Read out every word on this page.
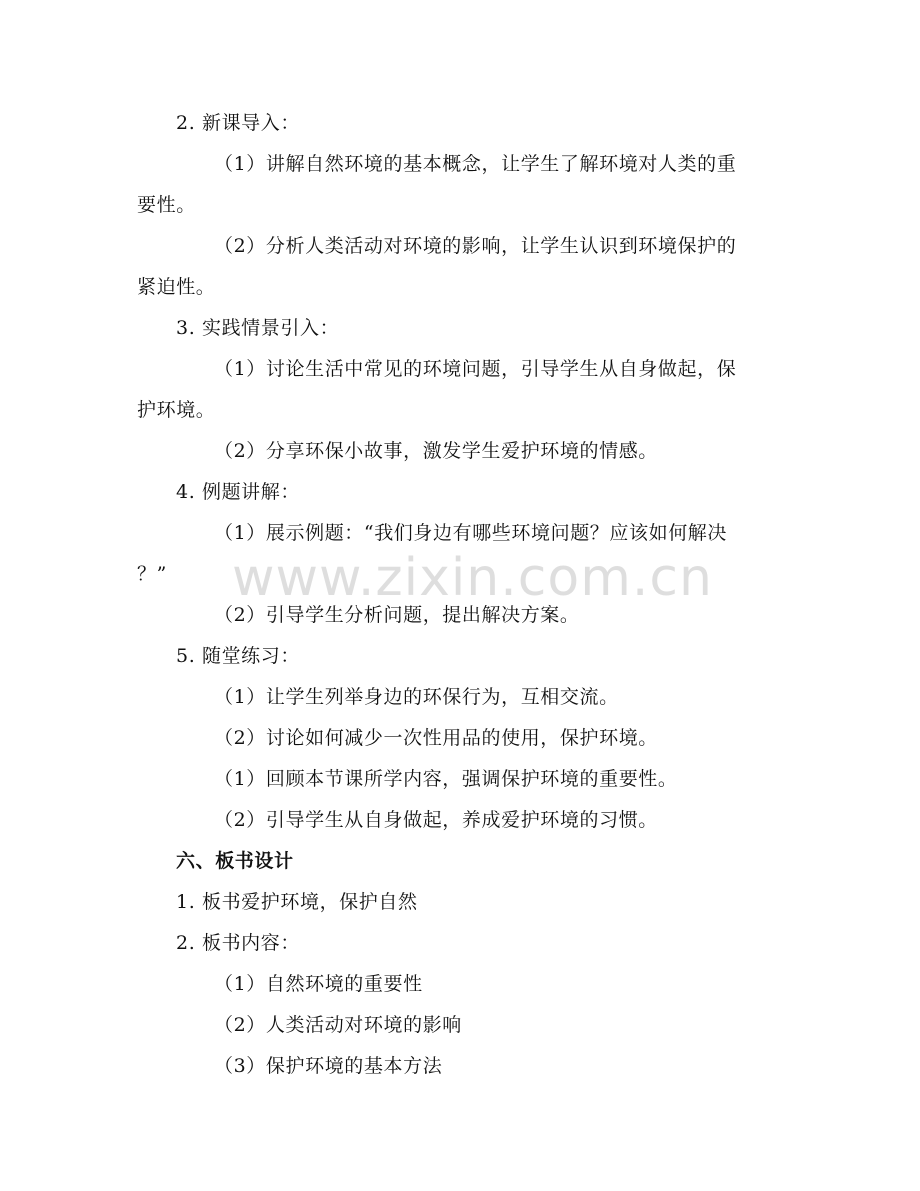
2. 新课导入：
（1）讲解自然环境的基本概念，让学生了解环境对人类的重
要性。
（2）分析人类活动对环境的影响，让学生认识到环境保护的
紧迫性。
3. 实践情景引入：
（1）讨论生活中常见的环境问题，引导学生从自身做起，保
护环境。
（2）分享环保小故事，激发学生爱护环境的情感。
4. 例题讲解：
（1）展示例题：“我们身边有哪些环境问题？应该如何解决
？”
（2）引导学生分析问题，提出解决方案。
5. 随堂练习：
（1）让学生列举身边的环保行为，互相交流。
（2）讨论如何减少一次性用品的使用，保护环境。
（1）回顾本节课所学内容，强调保护环境的重要性。
（2）引导学生从自身做起，养成爱护环境的习惯。
六、板书设计
1. 板书爱护环境，保护自然
2. 板书内容：
（1）自然环境的重要性
（2）人类活动对环境的影响
（3）保护环境的基本方法
www.zixin.com.cn
